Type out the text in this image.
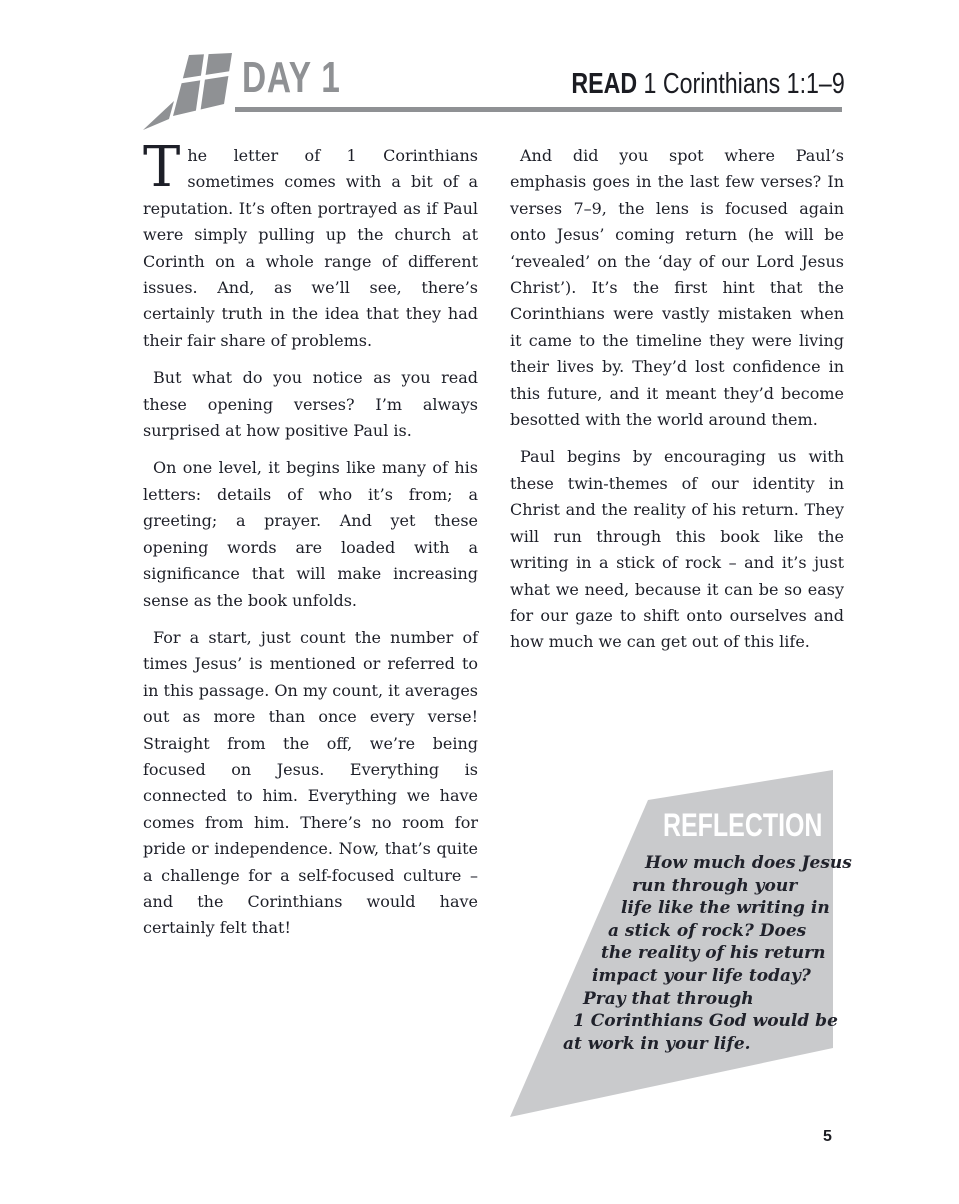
DAY 1	READ 1 Corinthians 1:1–9

The letter of 1 Corinthians sometimes comes with a bit of a reputation. It’s often portrayed as if Paul were simply pulling up the church at Corinth on a whole range of different issues. And, as we’ll see, there’s certainly truth in the idea that they had their fair share of problems.

But what do you notice as you read these opening verses? I’m always surprised at how positive Paul is.

On one level, it begins like many of his letters: details of who it’s from; a greeting; a prayer. And yet these opening words are loaded with a significance that will make increasing sense as the book unfolds.

For a start, just count the number of times Jesus’ is mentioned or referred to in this passage. On my count, it averages out as more than once every verse! Straight from the off, we’re being focused on Jesus. Everything is connected to him. Everything we have comes from him. There’s no room for pride or independence. Now, that’s quite a challenge for a self-focused culture – and the Corinthians would have certainly felt that!

And did you spot where Paul’s emphasis goes in the last few verses? In verses 7–9, the lens is focused again onto Jesus’ coming return (he will be ‘revealed’ on the ‘day of our Lord Jesus Christ’). It’s the first hint that the Corinthians were vastly mistaken when it came to the timeline they were living their lives by. They’d lost confidence in this future, and it meant they’d become besotted with the world around them.

Paul begins by encouraging us with these twin-themes of our identity in Christ and the reality of his return. They will run through this book like the writing in a stick of rock – and it’s just what we need, because it can be so easy for our gaze to shift onto ourselves and how much we can get out of this life.

REFLECTION
How much does Jesus
run through your
life like the writing in
a stick of rock? Does
the reality of his return
impact your life today?
Pray that through
1 Corinthians God would be
at work in your life.
5
